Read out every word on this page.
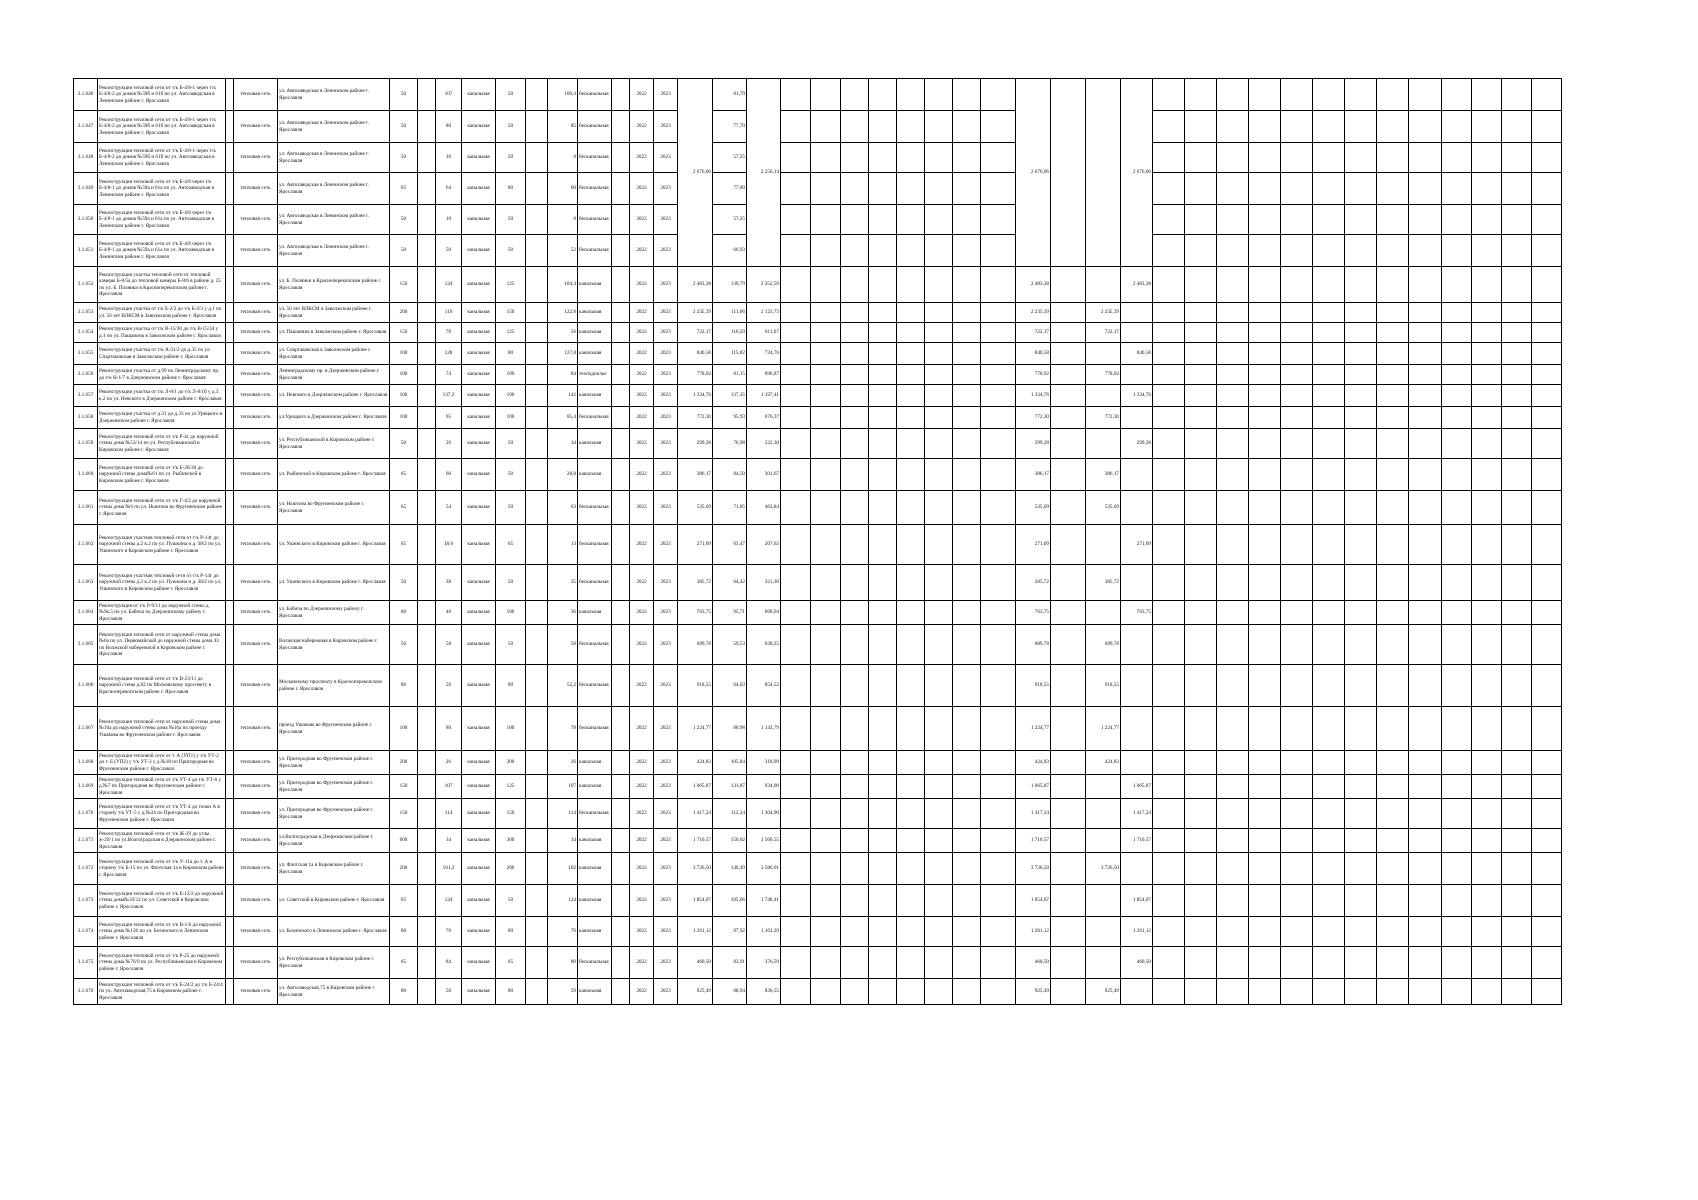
3.1.646	Реконструкция тепловой сети от т/к Б-4/8-1 через т/к Б-4/8-2 до домов №59б и 61б по ул. Автозаводская в Ленинском районе г. Ярославля		тепловая сеть	ул. Автозаводская в Ленинском районе г. Ярославля	50		107	канальная	50		100,4	бесканальная		2022	2023	2 676,06	81,79	2 256,14									2 676,06			2 676,06													
3.1.647	Реконструкция тепловой сети от т/к Б-4/8-1 через т/к Б-4/8-2 до домов №59б и 61б по ул. Автозаводская в Ленинском районе г. Ярославля		тепловая сеть	ул. Автозаводская в Ленинском районе г. Ярославля	50		80	канальная	50		85	бесканальная		2022	2023		77,70																										
3.1.648	Реконструкция тепловой сети от т/к Б-4/8-1 через т/к Б-4/8-2 до домов №59б и 61б по ул. Автозаводская в Ленинском районе г. Ярославля		тепловая сеть	ул. Автозаводская в Ленинском районе г. Ярославля	50		10	канальная	50		8	бесканальная		2022	2023		57,25																										
3.1.649	Реконструкция тепловой сети от т/к Б-4/8 через т/к Б-4/8-1 до домов №59а и 61а по ул. Автозаводская в Ленинском районе г. Ярославля		тепловая сеть	ул. Автозаводская в Ленинском районе г. Ярославля	65		64	канальная	80		60	бесканальная		2022	2023		77,00																										
3.1.650	Реконструкция тепловой сети от т/к Б-4/8 через т/к Б-4/8-1 до домов №59а и 61а по ул. Автозаводская в Ленинском районе г. Ярославля		тепловая сеть	ул. Автозаводская в Ленинском районе г. Ярославля	50		10	канальная	50		8	бесканальная		2022	2023		57,25																										
3.1.651	Реконструкция тепловой сети от т/к Б-4/8 через т/к Б-4/8-1 до домов №59а и 61а по ул. Автозаводская в Ленинском районе г. Ярославля		тепловая сеть	ул. Автозаводская в Ленинском районе г. Ярославля	50		50	канальная	50		52	бесканальная		2022	2023		66,93																										
3.1.652	Реконструкция участка тепловой сети от тепловой камеры Б-8/5а до тепловой камеры Б-8/6 в районе д. 25 по ул. Б. Полянки в Красноперекопском районе г. Ярославля		тепловая сеть	ул. Б. Полянки в Красноперекопском районе г. Ярославля	150		124	канальная	125		104,4	канальная		2022	2023	2 483,38	130,79	2 352,59									2 483,38			2 483,38													
3.1.653	Реконструкция участка от т/к Б-2/2 до т/к Б-2/3 у д.1 по ул. 50 лет ВЛКСМ в Заволжском районе г. Ярославля		тепловая сеть	ул. 50 лет ВЛКСМ в Заволжском районе г. Ярославля	200		110	канальная	150		122,8	канальная		2022	2023	2 235,39	111,66	2 123,73									2 235,39		2 235,39														
3.1.654	Реконструкция участка от т/к В-15/30 до т/к В-15/34 у д.1 по ул. Пашанина в Заволжском районе г. Ярославля		тепловая сеть	ул. Пашанина в Заволжском районе г. Ярославля	150		70	канальная	125		56	канальная		2022	2023	722,17	110,50	611,67									722,17		722,17														
3.1.655	Реконструкция участка от т/к А-31/2 до д.35 по ул. Спартаковская в Заволжском районе г. Ярославля		тепловая сеть	ул. Спартаковская в Заволжском районе г. Ярославля	100		128	канальная	80		127,8	канальная		2022	2023	840,58	115,82	724,76									840,58			840,58													
3.1.656	Реконструкция участка от д.99 по Ленинградскому пр. до т/к Н-1/7 в Дзержинском районе г. Ярославля		тепловая сеть	Ленинградскому пр. в Дзержинском районе г. Ярославля	100		74	канальная	100		84	техподполье		2022	2023	778,02	81,15	696,87									778,02		778,02														
3.1.657	Реконструкция участка от т/к Л-8/1 до т/к Л-8/1б у д.3 к.2 по ул. Невского в Дзержинском районе г. Ярославля		тепловая сеть	ул. Невского в Дзержинском районе г. Ярославля	100		137,2	канальная	100		142	канальная		2022	2023	1 334,76	137,35	1 197,41									1 334,76			1 334,76													
3.1.658	Реконструкция участка от д.31 до д.33 по ул.Урицкого в Дзержинском районе г. Ярославля		тепловая сеть	ул.Урицкого в Дзержинском районе г. Ярославля	100		95	канальная	100		85,4	бесканальная		2022	2023	772,30	95,93	676,37									772,30		772,30														
3.1.659	Реконструкция тепловой сети от т/к Р-4г до наружной стены дома №53/14 по ул. Республиканской в Кировском районе г. Ярославля		тепловая сеть	ул. Республиканской в Кировском районе г. Ярославля	50		26	канальная	50		34	канальная		2022	2023	299,28	76,98	222,30									299,28			299,28													
3.1.660	Реконструкция тепловой сети от т/к Е-28/30 до наружной стены дома№61 по ул. Рыбинской в Кировском районе г. Ярославля		тепловая сеть	ул. Рыбинской в Кировском районе г. Ярославля	65		60	канальная	50		28,8	канальная		2022	2023	386,17	84,50	301,67									386,17		386,17														
3.1.661	Реконструкция тепловой сети от т/к Г-4/2 до наружной стены дома №6 по ул. Ньютона во Фрунзенском районе г. Ярославля		тепловая сеть	ул. Ньютона во Фрунзенском районе г. Ярославля	65		54	канальная	50		63	бесканальная		2022	2023	535,69	71,85	463,84									535,69		535,69														
3.1.662	Реконструкция участков тепловой сети от т/к Р-14г до наружной стены д.2 к.2 по ул. Пушкина и д. 38/2 по ул. Ушинского в Кировском районе г. Ярославля		тепловая сеть	ул. Ушинского в Кировском районе г. Ярославля	65		18,6	канальная	65		13	бесканальная		2022	2023	271,09	63,47	207,62									271,09			271,09													
3.1.663	Реконструкция участков тепловой сети от т/к Р-14г до наружной стены д.2 к.2 по ул. Пушкина и д. 38/2 по ул. Ушинского в Кировском районе г. Ярославля		тепловая сеть	ул. Ушинского в Кировском районе г. Ярославля	50		38	канальная	50		35	бесканальная		2022	2023	385,72	64,42	321,30									385,72		385,72														
3.1.664	Реконструкция от т/к Р-9/11 до наружной стены д. №9к.5 по ул. Бабича по Дзержинскому району г. Ярославля		тепловая сеть	ул. Бабича по Дзержинскому району г. Ярославля	80		40	канальная	100		36	канальная		2022	2023	763,75	95,71	668,04									763,75			763,75													
3.1.665	Реконструкция тепловой сети от наружной стены дома №6а по ул. Первомайской до наружной стены дома 43 по Волжской набережной в Кировском районе г. Ярославля		тепловая сеть	Волжская набережная в Кировском районе г. Ярославля	50		58	канальная	50		58	бесканальная		2022	2023	689,78	59,53	630,25									689,78		689,78														
3.1.666	Реконструкция тепловой сети от т/к В-23/11 до наружной стены д.82 по Московскому проспекту в Красноперекопском районе г. Ярославля		тепловая сеть	Московскому проспекту в Красноперекопском районе г. Ярославля	80		56	канальная	80		52,2	бесканальная		2022	2023	918,55	64,03	854,52									918,55		918,55														
3.1.667	Реконструкция тепловой сети от наружной стены дома №10а до наружной стены дома №16а по проезду Ушакова во Фрунзенском районе г. Ярославля		тепловая сеть	проезд Ушакова во Фрунзенском районе г. Ярославля	100		80	канальная	100		78	бесканальная		2022	2023	1 224,77	80,98	1 143,79									1 224,77		1 224,77														
3.1.668	Реконструкция тепловой сети от т. А (УП1) у т/к УТ-2 до т. Б (УП2) у т/к УТ-3 у д.№18 по Пригородная во Фрунзенском районе г. Ярославля		тепловая сеть	ул. Пригородная во Фрунзенском районе г. Ярославля	200		26	канальная	200		26	канальная		2022	2023	424,83	105,84	318,99									424,83		424,83														
3.1.669	Реконструкция тепловой сети от т/к УТ-4 до т/к УТ-6 у д.№7 по Пригородная во Фрунзенском районе г. Ярославля		тепловая сеть	ул. Пригородная во Фрунзенском районе г. Ярославля	150		107	канальная	125		107	канальная		2022	2023	1 065,87	131,87	934,00									1 065,87			1 065,87													
3.1.670	Реконструкция тепловой сети от т/к УТ-4 до точки А в сторону т/к УТ-5 у д.№24 по Пригородная во Фрунзенском районе г. Ярославля		тепловая сеть	ул. Пригородная во Фрунзенском районе г. Ярославля	150		114	канальная	150		114	бесканальная		2022	2023	1 417,24	112,34	1 304,90									1 417,24			1 417,24													
3.1.671	Реконструкция тепловой сети от т/к Ж-29 до углы ж-29/1 по ул.Волгоградская в Дзержинском районе г. Ярославля		тепловая сеть	ул.Волгоградская в Дзержинском районе г. Ярославля	600		34	канальная	300		34	канальная		2022	2023	1 710,57	150,02	1 560,55									1 710,57			1 710,57													
3.1.672	Реконструкция тепловой сети от т/к У-11а до т. А в сторону т/к Б-15 по ул. Флотская 1а в Кировском районе г. Ярославля		тепловая сеть	ул. Флотская 1а в Кировском районе г. Ярославля	200		101,2	канальная	200		102	канальная		2022	2023	3 726,50	140,49	3 586,01									3 726,50		3 726,50														
3.1.673	Реконструкция тепловой сети от т/к Е-12/2 до наружной стены дома№33/12 по ул. Советской в Кировском районе г. Ярославля		тепловая сеть	ул. Советской в Кировском районе г. Ярославля	65		124	канальная	50		124	канальная		2022	2023	1 854,07	105,66	1 748,41									1 854,07			1 854,07													
3.1.674	Реконструкция тепловой сети от т/к В-1/6 до наружной стены дома №126 по ул. Белинского в Ленинском районе г. Ярославля		тепловая сеть	ул. Белинского в Ленинском районе г. Ярославля	80		76	канальная	80		76	канальная		2022	2023	1 261,12	97,92	1 163,20									1 261,12			1 261,12													
3.1.675	Реконструкция тепловой сети от т/к Р-25 до наружной стены дома №76/9 по ул. Республиканская в Кировском районе г. Ярославля		тепловая сеть	ул. Республиканская в Кировском районе г. Ярославля	65		84	канальная	65		80	бесканальная		2022	2023	460,50	83,91	376,59									460,50			460,50													
3.1.676	Реконструкция тепловой сети от т/к Б-24/2 до т/к Б-24/4 по ул. Автозаводская,75 в Кировском районе г. Ярославля		тепловая сеть	ул. Автозаводская,75 в Кировском районе г. Ярославля	80		50	канальная	80		59	канальная		2022	2023	925,49	88,94	836,55									925,49		925,49														
